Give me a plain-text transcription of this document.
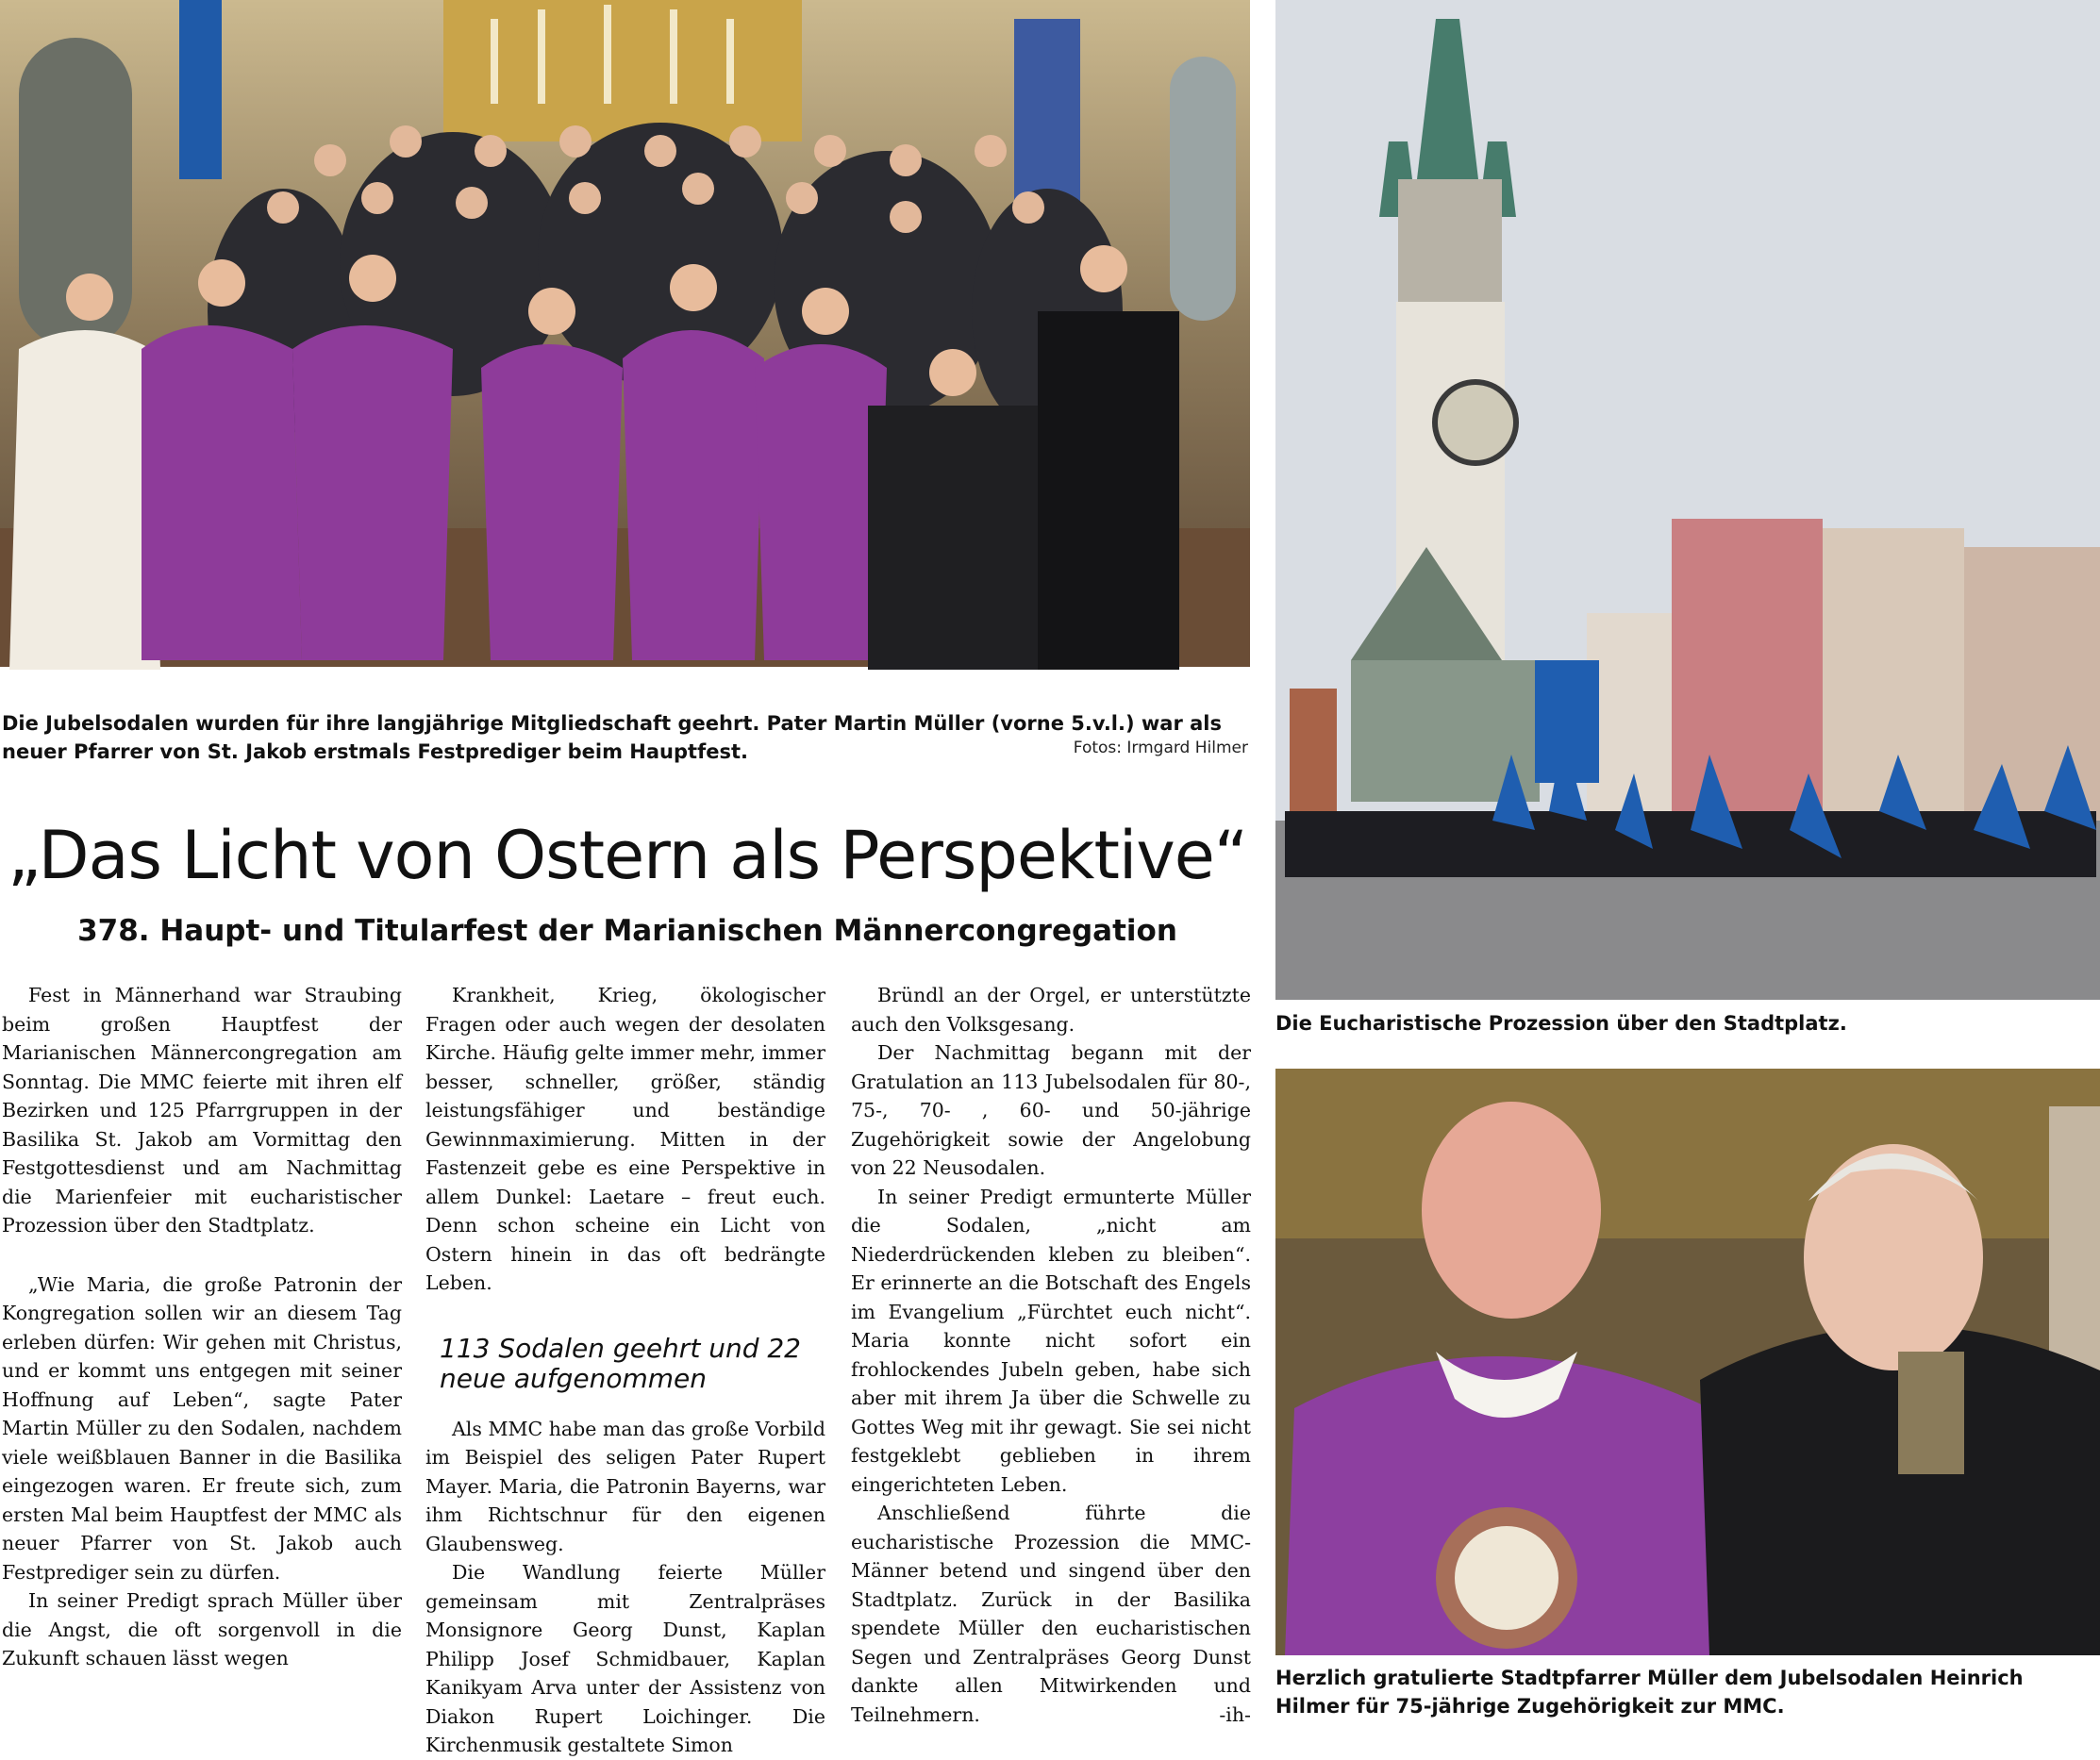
Die Jubelsodalen wurden für ihre langjährige Mitgliedschaft geehrt. Pater Martin Müller (vorne 5.v.l.) war als neuer Pfarrer von St. Jakob erstmals Festprediger beim Hauptfest.	Fotos: Irmgard Hilmer
Die Eucharistische Prozession über den Stadtplatz.
Herzlich gratulierte Stadtpfarrer Müller dem Jubelsodalen Heinrich Hilmer für 75-jährige Zugehörigkeit zur MMC.
„Das Licht von Ostern als Perspektive“
378. Haupt- und Titularfest der Marianischen Männercongregation

Fest in Männerhand war Straubing beim großen Hauptfest der Marianischen Männercongregation am Sonntag. Die MMC feierte mit ihren elf Bezirken und 125 Pfarrgruppen in der Basilika St. Jakob am Vormittag den Festgottesdienst und am Nachmittag die Marienfeier mit eucharistischer Prozession über den Stadtplatz.

„Wie Maria, die große Patronin der Kongregation sollen wir an diesem Tag erleben dürfen: Wir gehen mit Christus, und er kommt uns entgegen mit seiner Hoffnung auf Leben“, sagte Pater Martin Müller zu den Sodalen, nachdem viele weißblauen Banner in die Basilika eingezogen waren. Er freute sich, zum ersten Mal beim Hauptfest der MMC als neuer Pfarrer von St. Jakob auch Festprediger sein zu dürfen.

In seiner Predigt sprach Müller über die Angst, die oft sorgenvoll in die Zukunft schauen lässt wegen

Krankheit, Krieg, ökologischer Fragen oder auch wegen der desolaten Kirche. Häufig gelte immer mehr, immer besser, schneller, größer, ständig leistungsfähiger und beständige Gewinnmaximierung. Mitten in der Fastenzeit gebe es eine Perspektive in allem Dunkel: Laetare – freut euch. Denn schon scheine ein Licht von Ostern hinein in das oft bedrängte Leben.

113 Sodalen geehrt und 22 neue aufgenommen

Als MMC habe man das große Vorbild im Beispiel des seligen Pater Rupert Mayer. Maria, die Patronin Bayerns, war ihm Richtschnur für den eigenen Glaubensweg.

Die Wandlung feierte Müller gemeinsam mit Zentralpräses Monsignore Georg Dunst, Kaplan Philipp Josef Schmidbauer, Kaplan Kanikyam Arva unter der Assistenz von Diakon Rupert Loichinger. Die Kirchenmusik gestaltete Simon

Bründl an der Orgel, er unterstützte auch den Volksgesang.

Der Nachmittag begann mit der Gratulation an 113 Jubelsodalen für 80-, 75-, 70- , 60- und 50-jährige Zugehörigkeit sowie der Angelobung von 22 Neusodalen.

In seiner Predigt ermunterte Müller die Sodalen, „nicht am Niederdrückenden kleben zu bleiben“. Er erinnerte an die Botschaft des Engels im Evangelium „Fürchtet euch nicht“. Maria konnte nicht sofort ein frohlockendes Jubeln geben, habe sich aber mit ihrem Ja über die Schwelle zu Gottes Weg mit ihr gewagt. Sie sei nicht festgeklebt geblieben in ihrem eingerichteten Leben.

Anschließend führte die eucharistische Prozession die MMC-Männer betend und singend über den Stadtplatz. Zurück in der Basilika spendete Müller den eucharistischen Segen und Zentralpräses Georg Dunst dankte allen Mitwirkenden und Teilnehmern.	-ih-
